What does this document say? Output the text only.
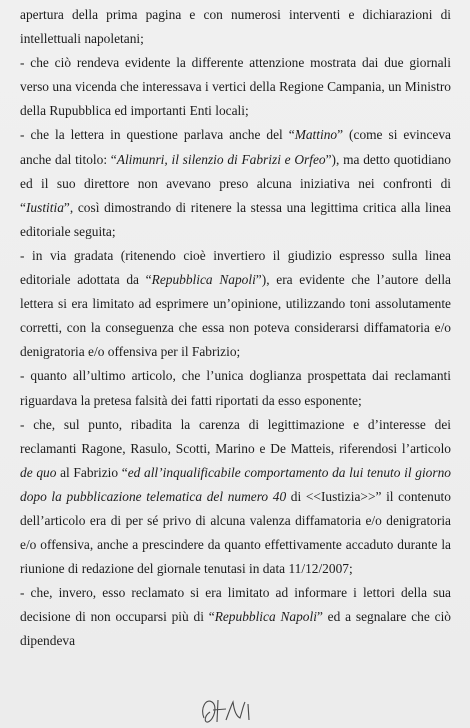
apertura della prima pagina e con numerosi interventi e dichiarazioni di intellettuali napoletani;

- che ciò rendeva evidente la differente attenzione mostrata dai due giornali verso una vicenda che interessava i vertici della Regione Campania, un Ministro della Rupubblica ed importanti Enti locali;

- che la lettera in questione parlava anche del “Mattino” (come si evinceva anche dal titolo: “Alimunri, il silenzio di Fabrizi e Orfeo”), ma detto quotidiano ed il suo direttore non avevano preso alcuna iniziativa nei confronti di “Iustitia”, così dimostrando di ritenere la stessa una legittima critica alla linea editoriale seguita;

- in via gradata (ritenendo cioè invertiero il giudizio espresso sulla linea editoriale adottata da “Repubblica Napoli”), era evidente che l’autore della lettera si era limitato ad esprimere un’opinione, utilizzando toni assolutamente corretti, con la conseguenza che essa non poteva considerarsi diffamatoria e/o denigratoria e/o offensiva per il Fabrizio;

- quanto all’ultimo articolo, che l’unica doglianza prospettata dai reclamanti riguardava la pretesa falsità dei fatti riportati da esso esponente;

- che, sul punto, ribadita la carenza di legittimazione e d’interesse dei reclamanti Ragone, Rasulo, Scotti, Marino e De Matteis, riferendosi l’articolo de quo al Fabrizio “ed all’inqualificabile comportamento da lui tenuto il giorno dopo la pubblicazione telematica del numero 40 di <<Iustizia>>” il contenuto dell’articolo era di per sé privo di alcuna valenza diffamatoria e/o denigratoria e/o offensiva, anche a prescindere da quanto effettivamente accaduto durante la riunione di redazione del giornale tenutasi in data 11/12/2007;

- che, invero, esso reclamato si era limitato ad informare i lettori della sua decisione di non occuparsi più di “Repubblica Napoli” ed a segnalare che ciò dipendeva
